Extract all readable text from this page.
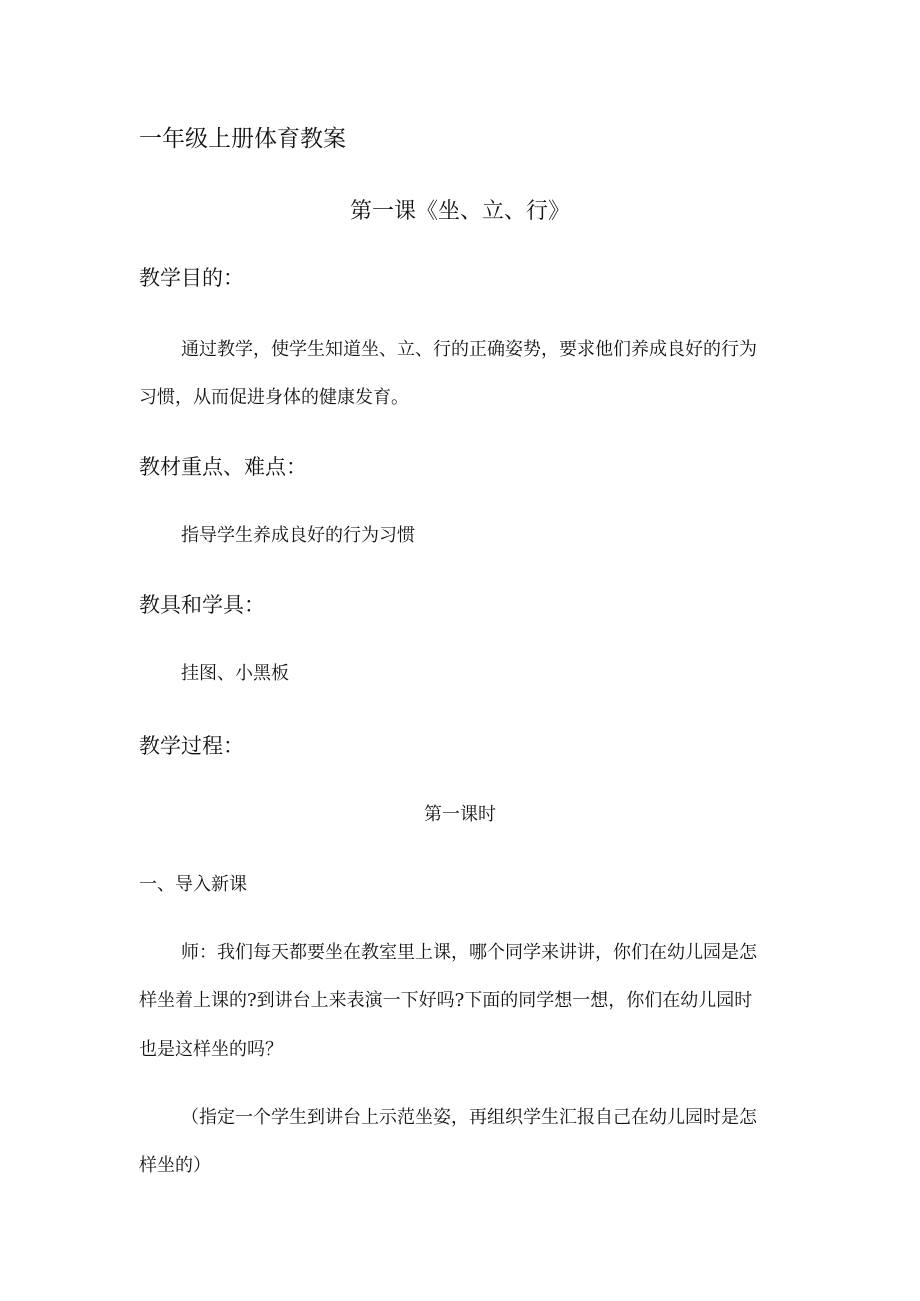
一年级上册体育教案
第一课《坐、立、行》
教学目的：
通过教学，使学生知道坐、立、行的正确姿势，要求他们养成良好的行为
习惯，从而促进身体的健康发育。
教材重点、难点：
指导学生养成良好的行为习惯
教具和学具：
挂图、小黑板
教学过程：
第一课时
一、导入新课
师：我们每天都要坐在教室里上课，哪个同学来讲讲，你们在幼儿园是怎
样坐着上课的?到讲台上来表演一下好吗?下面的同学想一想，你们在幼儿园时
也是这样坐的吗？
（指定一个学生到讲台上示范坐姿，再组织学生汇报自己在幼儿园时是怎
样坐的）
